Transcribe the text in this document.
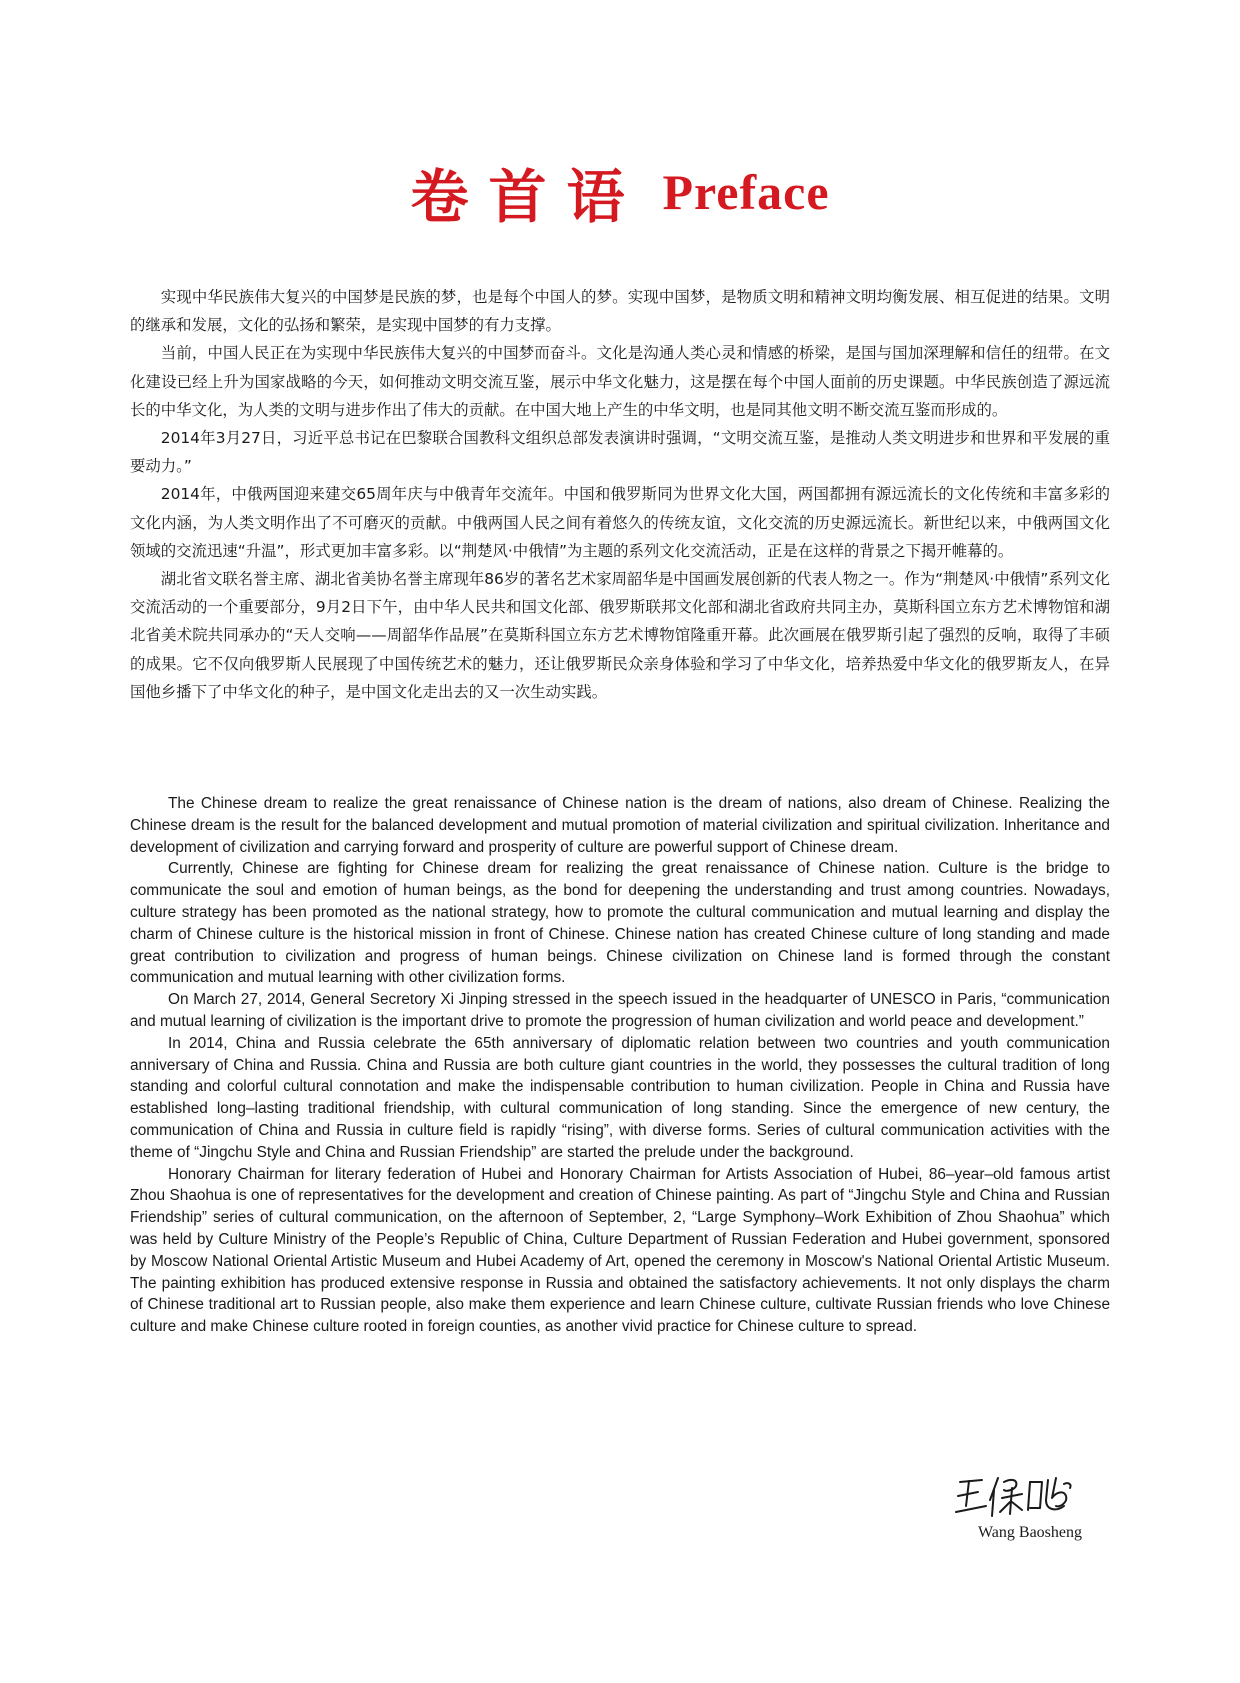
卷首语 Preface

实现中华民族伟大复兴的中国梦是民族的梦，也是每个中国人的梦。实现中国梦，是物质文明和精神文明均衡发展、相互促进的结果。文明的继承和发展，文化的弘扬和繁荣，是实现中国梦的有力支撑。

当前，中国人民正在为实现中华民族伟大复兴的中国梦而奋斗。文化是沟通人类心灵和情感的桥梁，是国与国加深理解和信任的纽带。在文化建设已经上升为国家战略的今天，如何推动文明交流互鉴，展示中华文化魅力，这是摆在每个中国人面前的历史课题。中华民族创造了源远流长的中华文化，为人类的文明与进步作出了伟大的贡献。在中国大地上产生的中华文明，也是同其他文明不断交流互鉴而形成的。

2014年3月27日，习近平总书记在巴黎联合国教科文组织总部发表演讲时强调，“文明交流互鉴，是推动人类文明进步和世界和平发展的重要动力。”

2014年，中俄两国迎来建交65周年庆与中俄青年交流年。中国和俄罗斯同为世界文化大国，两国都拥有源远流长的文化传统和丰富多彩的文化内涵，为人类文明作出了不可磨灭的贡献。中俄两国人民之间有着悠久的传统友谊，文化交流的历史源远流长。新世纪以来，中俄两国文化领域的交流迅速“升温”，形式更加丰富多彩。以“荆楚风·中俄情”为主题的系列文化交流活动，正是在这样的背景之下揭开帷幕的。

湖北省文联名誉主席、湖北省美协名誉主席现年86岁的著名艺术家周韶华是中国画发展创新的代表人物之一。作为“荆楚风·中俄情”系列文化交流活动的一个重要部分，9月2日下午，由中华人民共和国文化部、俄罗斯联邦文化部和湖北省政府共同主办，莫斯科国立东方艺术博物馆和湖北省美术院共同承办的“天人交响——周韶华作品展”在莫斯科国立东方艺术博物馆隆重开幕。此次画展在俄罗斯引起了强烈的反响，取得了丰硕的成果。它不仅向俄罗斯人民展现了中国传统艺术的魅力，还让俄罗斯民众亲身体验和学习了中华文化，培养热爱中华文化的俄罗斯友人，在异国他乡播下了中华文化的种子，是中国文化走出去的又一次生动实践。

The Chinese dream to realize the great renaissance of Chinese nation is the dream of nations, also dream of Chinese. Realizing the Chinese dream is the result for the balanced development and mutual promotion of material civilization and spiritual civilization. Inheritance and development of civilization and carrying forward and prosperity of culture are powerful support of Chinese dream.

Currently, Chinese are fighting for Chinese dream for realizing the great renaissance of Chinese nation. Culture is the bridge to communicate the soul and emotion of human beings, as the bond for deepening the understanding and trust among countries. Nowadays, culture strategy has been promoted as the national strategy, how to promote the cultural communication and mutual learning and display the charm of Chinese culture is the historical mission in front of Chinese. Chinese nation has created Chinese culture of long standing and made great contribution to civilization and progress of human beings. Chinese civilization on Chinese land is formed through the constant communication and mutual learning with other civilization forms.

On March 27, 2014, General Secretory Xi Jinping stressed in the speech issued in the headquarter of UNESCO in Paris, “communication and mutual learning of civilization is the important drive to promote the progression of human civilization and world peace and development.”

In 2014, China and Russia celebrate the 65th anniversary of diplomatic relation between two countries and youth communication anniversary of China and Russia. China and Russia are both culture giant countries in the world, they possesses the cultural tradition of long standing and colorful cultural connotation and make the indispensable contribution to human civilization. People in China and Russia have established long–lasting traditional friendship, with cultural communication of long standing. Since the emergence of new century, the communication of China and Russia in culture field is rapidly “rising”, with diverse forms. Series of cultural communication activities with the theme of “Jingchu Style and China and Russian Friendship” are started the prelude under the background.

Honorary Chairman for literary federation of Hubei and Honorary Chairman for Artists Association of Hubei, 86–year–old famous artist Zhou Shaohua is one of representatives for the development and creation of Chinese painting. As part of “Jingchu Style and China and Russian Friendship” series of cultural communication, on the afternoon of September, 2, “Large Symphony–Work Exhibition of Zhou Shaohua” which was held by Culture Ministry of the People’s Republic of China, Culture Department of Russian Federation and Hubei government, sponsored by Moscow National Oriental Artistic Museum and Hubei Academy of Art, opened the ceremony in Moscow's National Oriental Artistic Museum. The painting exhibition has produced extensive response in Russia and obtained the satisfactory achievements. It not only displays the charm of Chinese traditional art to Russian people, also make them experience and learn Chinese culture, cultivate Russian friends who love Chinese culture and make Chinese culture rooted in foreign counties, as another vivid practice for Chinese culture to spread.

Wang Baosheng
